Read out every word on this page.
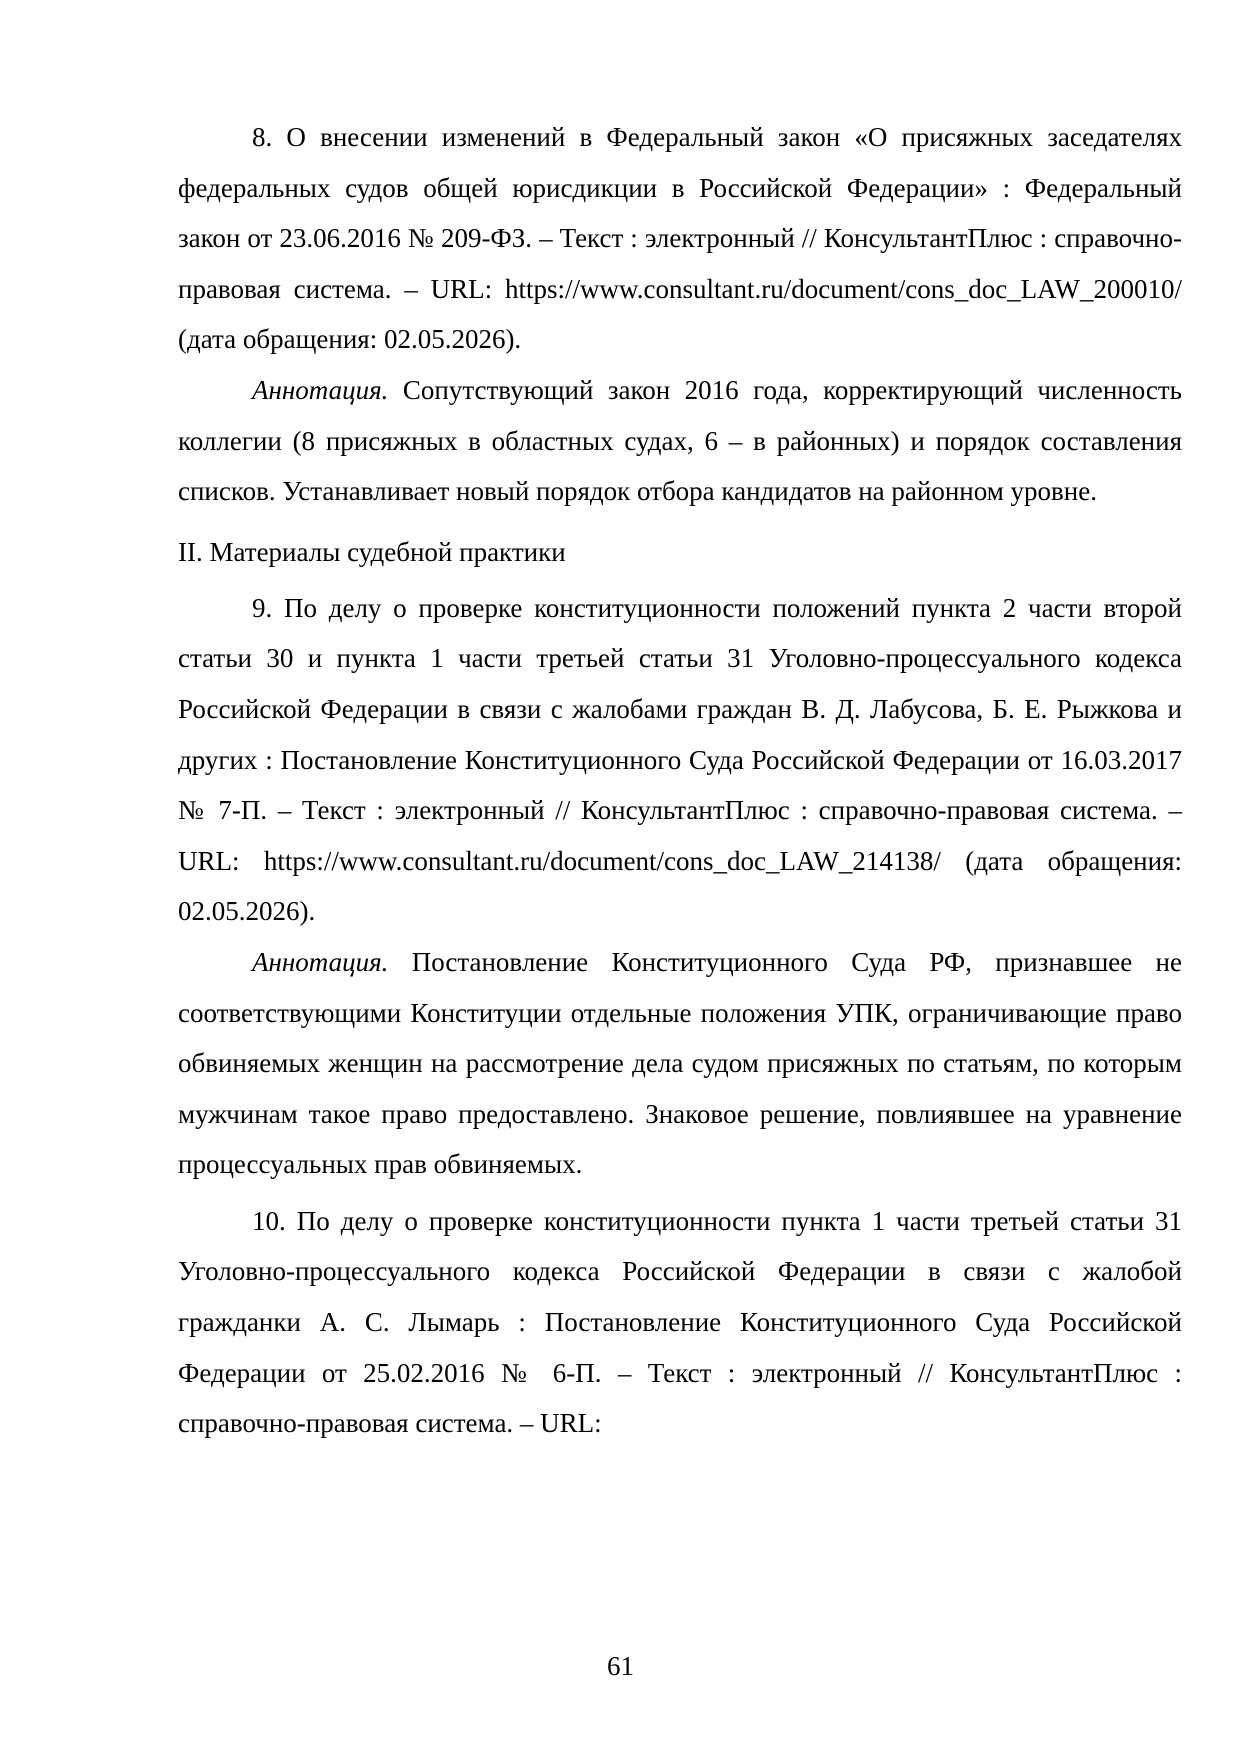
8. О внесении изменений в Федеральный закон «О присяжных заседателях федеральных судов общей юрисдикции в Российской Федерации» : Федеральный закон от 23.06.2016 № 209-ФЗ. – Текст : электронный // КонсультантПлюс : справочно-правовая система. – URL: https://www.consultant.ru/document/cons_doc_LAW_200010/ (дата обращения: 02.05.2026).

Аннотация. Сопутствующий закон 2016 года, корректирующий численность коллегии (8 присяжных в областных судах, 6 – в районных) и порядок составления списков. Устанавливает новый порядок отбора кандидатов на районном уровне.

II. Материалы судебной практики

9. По делу о проверке конституционности положений пункта 2 части второй статьи 30 и пункта 1 части третьей статьи 31 Уголовно-процессуального кодекса Российской Федерации в связи с жалобами граждан В. Д. Лабусова, Б. Е. Рыжкова и других : Постановление Конституционного Суда Российской Федерации от 16.03.2017 № 7-П. – Текст : электронный // КонсультантПлюс : справочно-правовая система. – URL: https://www.consultant.ru/document/cons_doc_LAW_214138/ (дата обращения: 02.05.2026).

Аннотация. Постановление Конституционного Суда РФ, признавшее не соответствующими Конституции отдельные положения УПК, ограничивающие право обвиняемых женщин на рассмотрение дела судом присяжных по статьям, по которым мужчинам такое право предоставлено. Знаковое решение, повлиявшее на уравнение процессуальных прав обвиняемых.

10. По делу о проверке конституционности пункта 1 части третьей статьи 31 Уголовно-процессуального кодекса Российской Федерации в связи с жалобой гражданки А. С. Лымарь : Постановление Конституционного Суда Российской Федерации от 25.02.2016 № 6-П. – Текст : электронный // КонсультантПлюс : справочно-правовая система. – URL:

61
